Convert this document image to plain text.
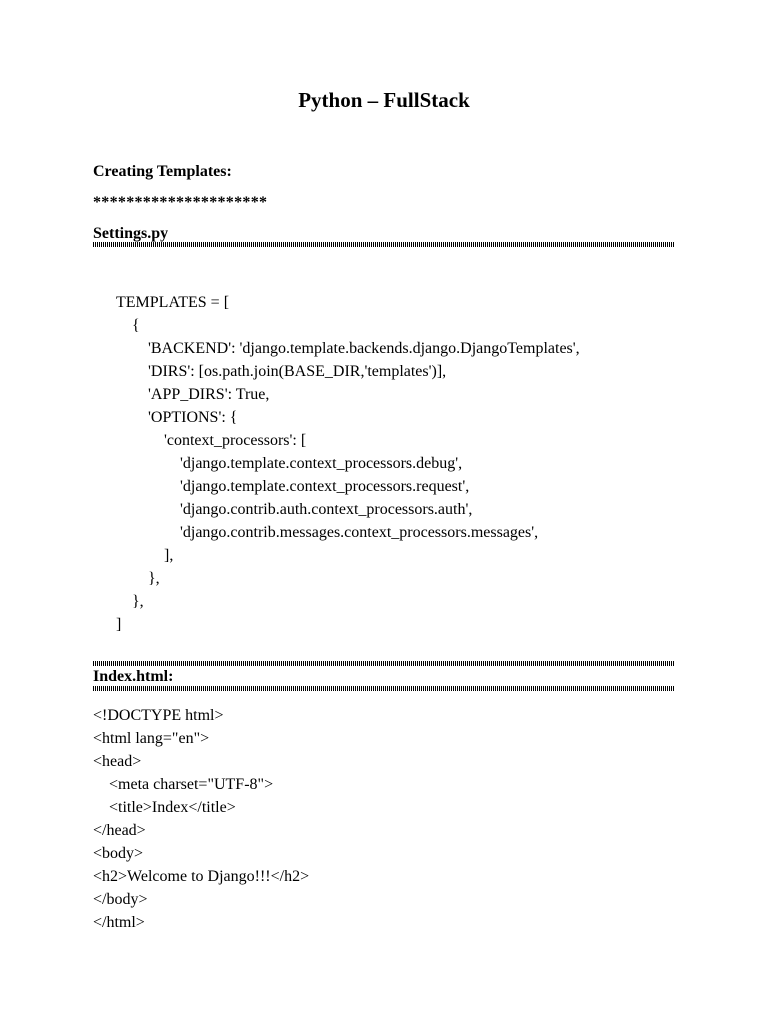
Python – FullStack
Creating Templates:
*********************
Settings.py
TEMPLATES = [
{
'BACKEND': 'django.template.backends.django.DjangoTemplates',
'DIRS': [os.path.join(BASE_DIR,'templates')],
'APP_DIRS': True,
'OPTIONS': {
'context_processors': [
'django.template.context_processors.debug',
'django.template.context_processors.request',
'django.contrib.auth.context_processors.auth',
'django.contrib.messages.context_processors.messages',
],
},
},
]
Index.html:
<!DOCTYPE html>
<html lang="en">
<head>
<meta charset="UTF-8">
<title>Index</title>
</head>
<body>
<h2>Welcome to Django!!!</h2>
</body>
</html>
